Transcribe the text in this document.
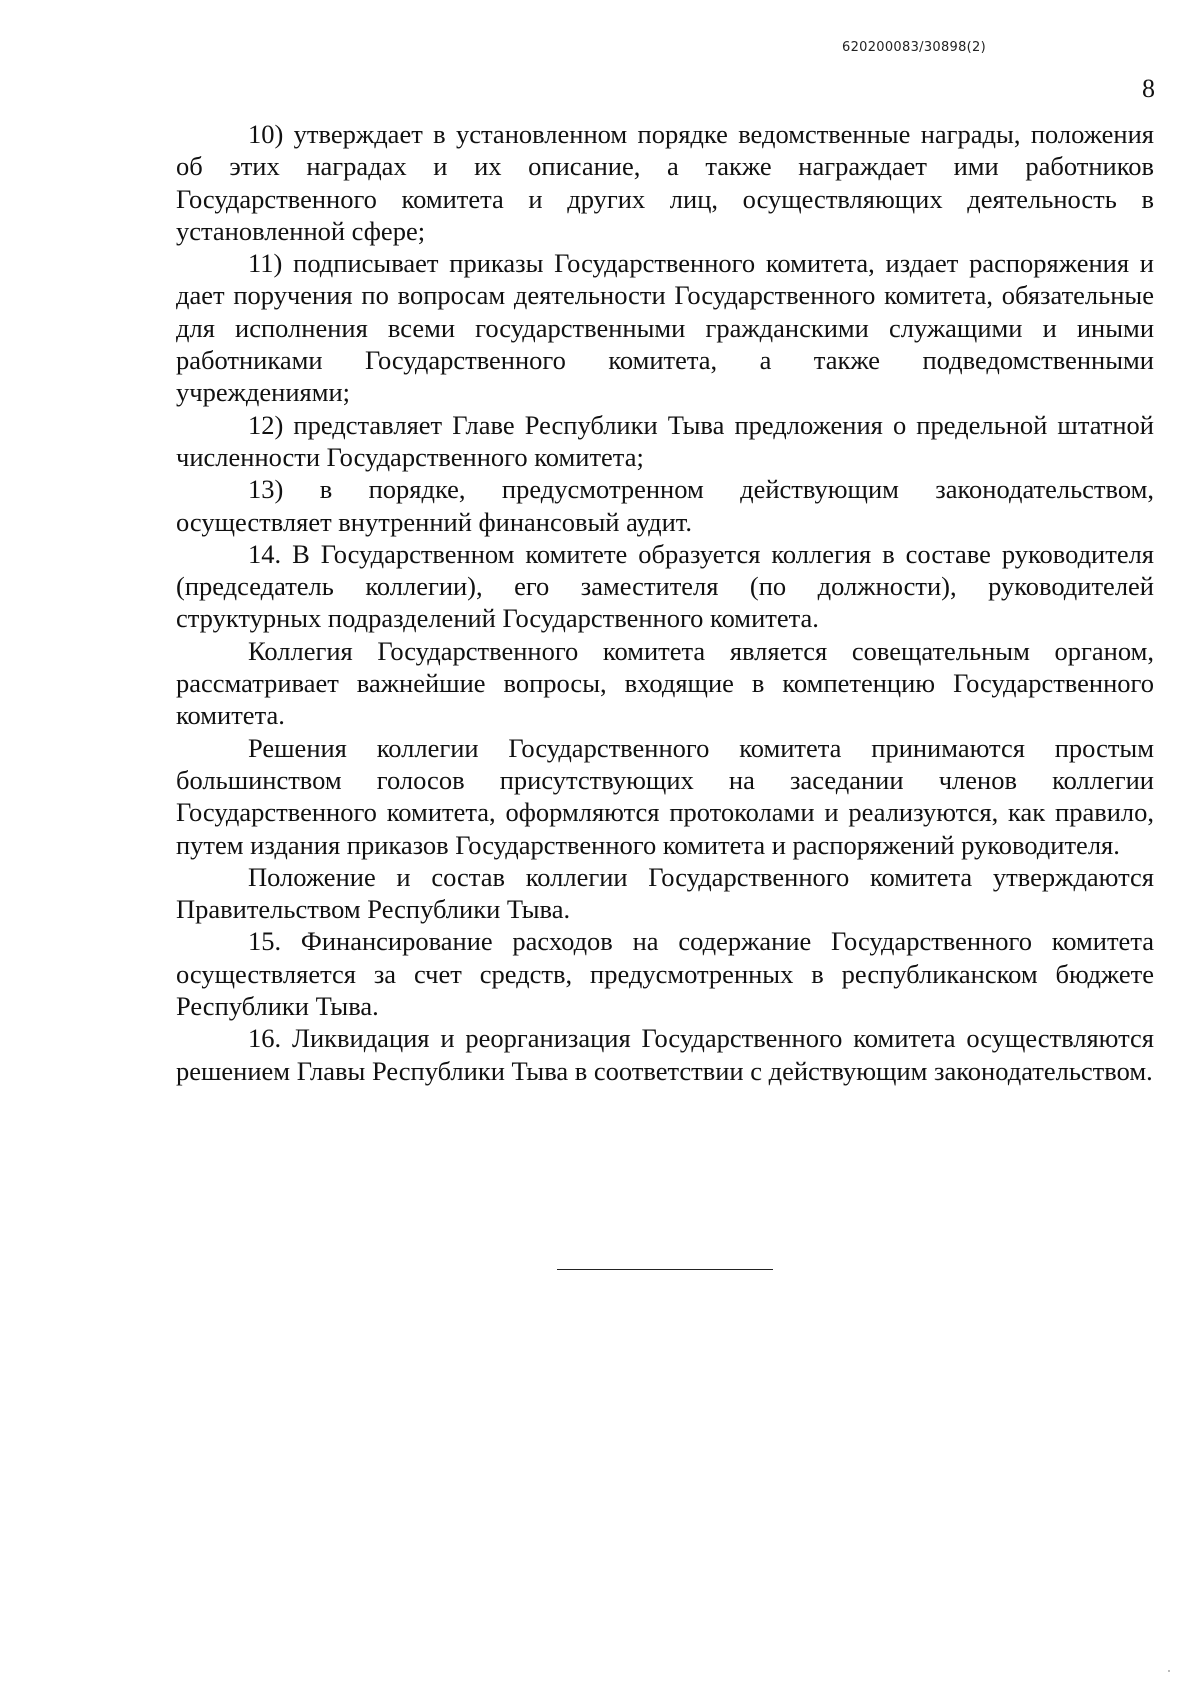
620200083/30898(2)
8

10) утверждает в установленном порядке ведомственные награды, положения об этих наградах и их описание, а также награждает ими работников Государственного комитета и других лиц, осуществляющих деятельность в установленной сфере;

11) подписывает приказы Государственного комитета, издает распоряжения и дает поручения по вопросам деятельности Государственного комитета, обязательные для исполнения всеми государственными гражданскими служащими и иными работниками Государственного комитета, а также подведомственными учреждениями;

12) представляет Главе Республики Тыва предложения о предельной штатной численности Государственного комитета;

13) в порядке, предусмотренном действующим законодательством, осуществляет внутренний финансовый аудит.

14. В Государственном комитете образуется коллегия в составе руководителя (председатель коллегии), его заместителя (по должности), руководителей структурных подразделений Государственного комитета.

Коллегия Государственного комитета является совещательным органом, рассматривает важнейшие вопросы, входящие в компетенцию Государственного комитета.

Решения коллегии Государственного комитета принимаются простым большинством голосов присутствующих на заседании членов коллегии Государственного комитета, оформляются протоколами и реализуются, как правило, путем издания приказов Государственного комитета и распоряжений руководителя.

Положение и состав коллегии Государственного комитета утверждаются Правительством Республики Тыва.

15. Финансирование расходов на содержание Государственного комитета осуществляется за счет средств, предусмотренных в республиканском бюджете Республики Тыва.

16. Ликвидация и реорганизация Государственного комитета осуществляются решением Главы Республики Тыва в соответствии с действующим законодательством.
